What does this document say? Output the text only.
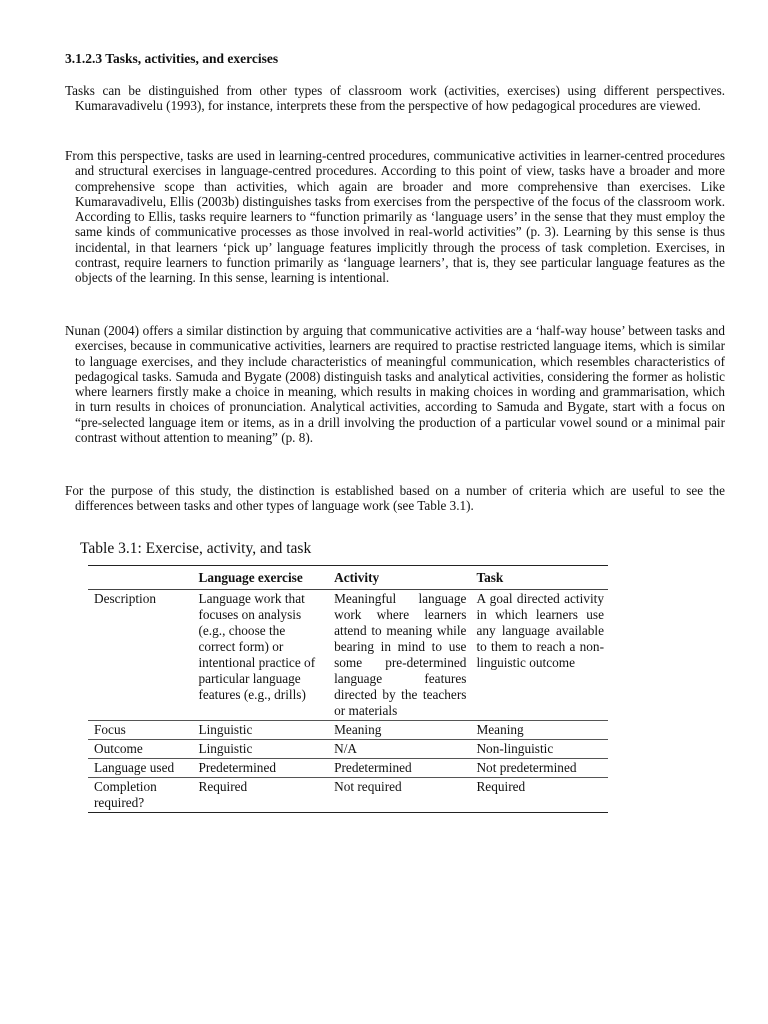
3.1.2.3 Tasks, activities, and exercises

Tasks can be distinguished from other types of classroom work (activities, exercises) using different perspectives. Kumaravadivelu (1993), for instance, interprets these from the perspective of how pedagogical procedures are viewed.

From this perspective, tasks are used in learning-centred procedures, communicative activities in learner-centred procedures and structural exercises in language-centred procedures. According to this point of view, tasks have a broader and more comprehensive scope than activities, which again are broader and more comprehensive than exercises. Like Kumaravadivelu, Ellis (2003b) distinguishes tasks from exercises from the perspective of the focus of the classroom work. According to Ellis, tasks require learners to “function primarily as ‘language users’ in the sense that they must employ the same kinds of communicative processes as those involved in real-world activities” (p. 3). Learning by this sense is thus incidental, in that learners ‘pick up’ language features implicitly through the process of task completion. Exercises, in contrast, require learners to function primarily as ‘language learners’, that is, they see particular language features as the objects of the learning. In this sense, learning is intentional.

Nunan (2004) offers a similar distinction by arguing that communicative activities are a ‘half-way house’ between tasks and exercises, because in communicative activities, learners are required to practise restricted language items, which is similar to language exercises, and they include characteristics of meaningful communication, which resembles characteristics of pedagogical tasks. Samuda and Bygate (2008) distinguish tasks and analytical activities, considering the former as holistic where learners firstly make a choice in meaning, which results in making choices in wording and grammarisation, which in turn results in choices of pronunciation. Analytical activities, according to Samuda and Bygate, start with a focus on “pre-selected language item or items, as in a drill involving the production of a particular vowel sound or a minimal pair contrast without attention to meaning” (p. 8).

For the purpose of this study, the distinction is established based on a number of criteria which are useful to see the differences between tasks and other types of language work (see Table 3.1).

Table 3.1: Exercise, activity, and task

	Language exercise	Activity	Task
Description	Language work that focuses on analysis (e.g., choose the correct form) or intentional practice of particular language features (e.g., drills)	Meaningful language work where learners attend to meaning while bearing in mind to use some pre-determined language features directed by the teachers or materials	A goal directed activity in which learners use any language available to them to reach a non-linguistic outcome
Focus	Linguistic	Meaning	Meaning
Outcome	Linguistic	N/A	Non-linguistic
Language used	Predetermined	Predetermined	Not predetermined
Completion required?	Required	Not required	Required
